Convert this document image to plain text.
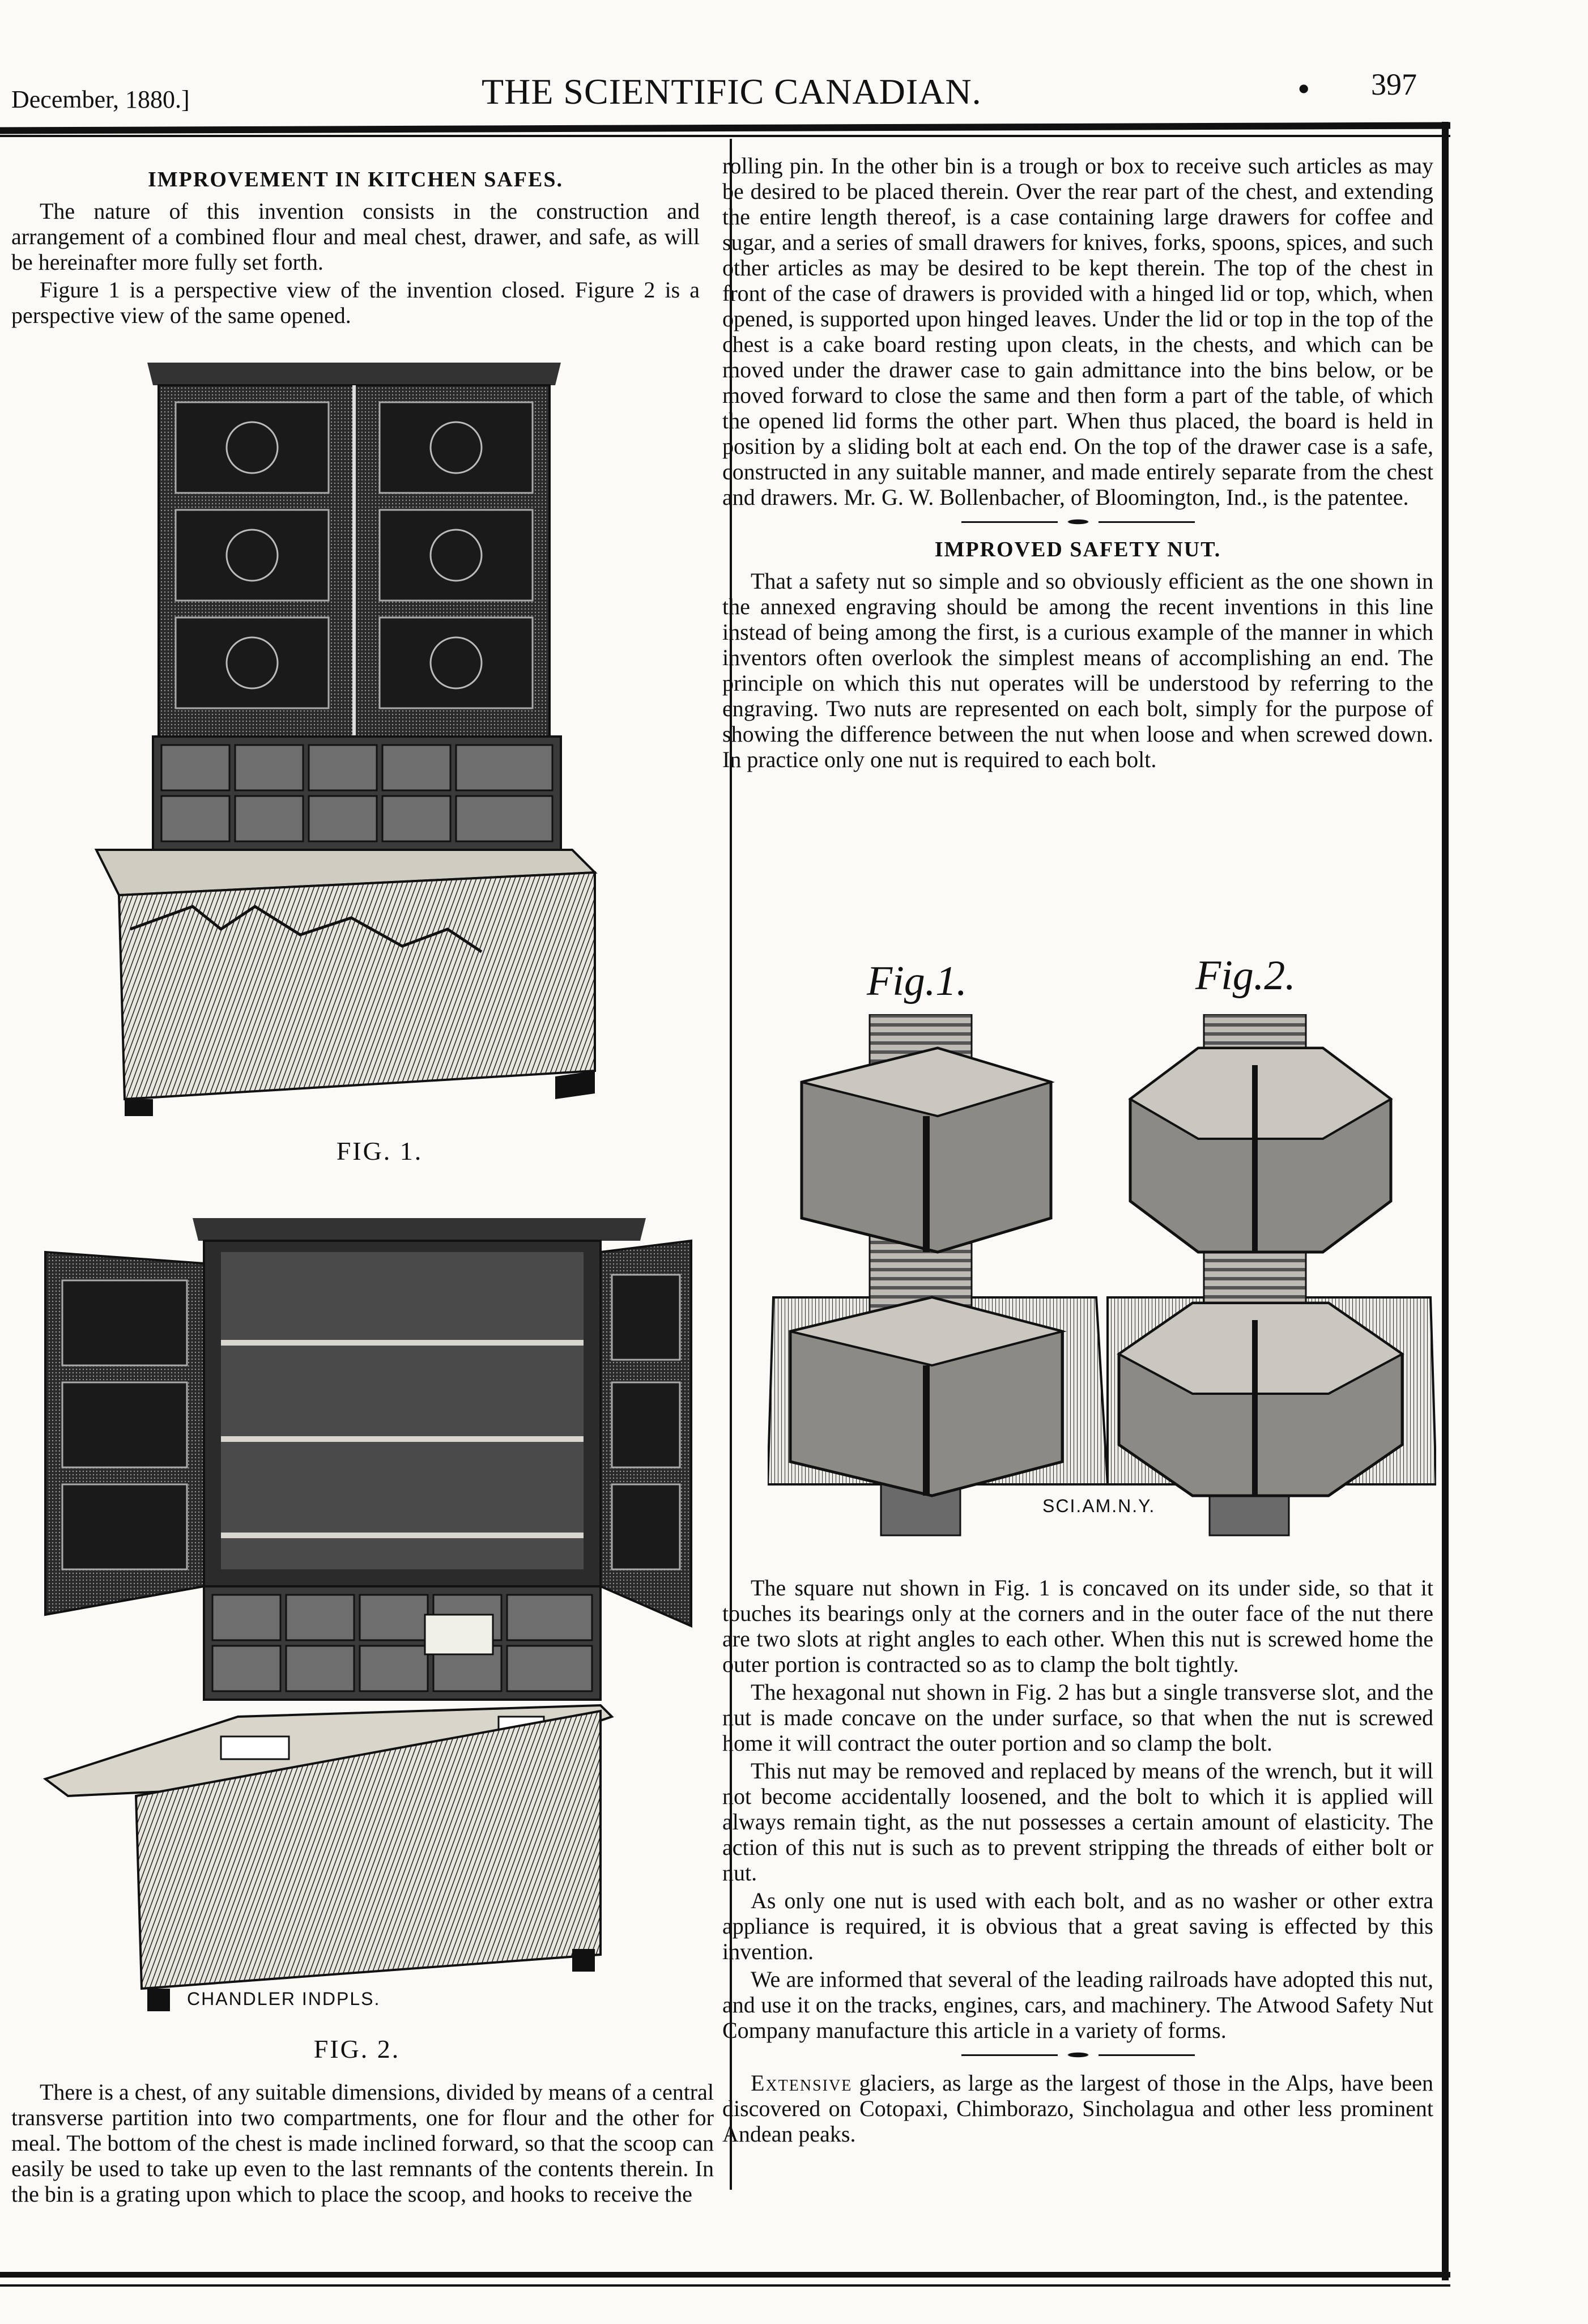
December, 1880.]	THE SCIENTIFIC CANADIAN.	• 397
IMPROVEMENT IN KITCHEN SAFES.

The nature of this invention consists in the construction and arrangement of a combined flour and meal chest, drawer, and safe, as will be hereinafter more fully set forth.

Figure 1 is a perspective view of the invention closed. Figure 2 is a perspective view of the same opened.

FIG. 1.
CHANDLER INDPLS.
FIG. 2.

There is a chest, of any suitable dimensions, divided by means of a central transverse partition into two compartments, one for flour and the other for meal. The bottom of the chest is made inclined forward, so that the scoop can easily be used to take up even to the last remnants of the contents therein. In the bin is a grating upon which to place the scoop, and hooks to receive the

rolling pin. In the other bin is a trough or box to receive such articles as may be desired to be placed therein. Over the rear part of the chest, and extending the entire length thereof, is a case containing large drawers for coffee and sugar, and a series of small drawers for knives, forks, spoons, spices, and such other articles as may be desired to be kept therein. The top of the chest in front of the case of drawers is provided with a hinged lid or top, which, when opened, is supported upon hinged leaves. Under the lid or top in the top of the chest is a cake board resting upon cleats, in the chests, and which can be moved under the drawer case to gain admittance into the bins below, or be moved forward to close the same and then form a part of the table, of which the opened lid forms the other part. When thus placed, the board is held in position by a sliding bolt at each end. On the top of the drawer case is a safe, constructed in any suitable manner, and made entirely separate from the chest and drawers. Mr. G. W. Bollenbacher, of Bloomington, Ind., is the patentee.

IMPROVED SAFETY NUT.

That a safety nut so simple and so obviously efficient as the one shown in the annexed engraving should be among the recent inventions in this line instead of being among the first, is a curious example of the manner in which inventors often overlook the simplest means of accomplishing an end. The principle on which this nut operates will be understood by referring to the engraving. Two nuts are represented on each bolt, simply for the purpose of showing the difference between the nut when loose and when screwed down. In practice only one nut is required to each bolt.

Fig.1.	Fig.2.
SCI.AM.N.Y.

The square nut shown in Fig. 1 is concaved on its under side, so that it touches its bearings only at the corners and in the outer face of the nut there are two slots at right angles to each other. When this nut is screwed home the outer portion is contracted so as to clamp the bolt tightly.

The hexagonal nut shown in Fig. 2 has but a single transverse slot, and the nut is made concave on the under surface, so that when the nut is screwed home it will contract the outer portion and so clamp the bolt.

This nut may be removed and replaced by means of the wrench, but it will not become accidentally loosened, and the bolt to which it is applied will always remain tight, as the nut possesses a certain amount of elasticity. The action of this nut is such as to prevent stripping the threads of either bolt or nut.

As only one nut is used with each bolt, and as no washer or other extra appliance is required, it is obvious that a great saving is effected by this invention.

We are informed that several of the leading railroads have adopted this nut, and use it on the tracks, engines, cars, and machinery. The Atwood Safety Nut Company manufacture this article in a variety of forms.

Extensive glaciers, as large as the largest of those in the Alps, have been discovered on Cotopaxi, Chimborazo, Sincholagua and other less prominent Andean peaks.
